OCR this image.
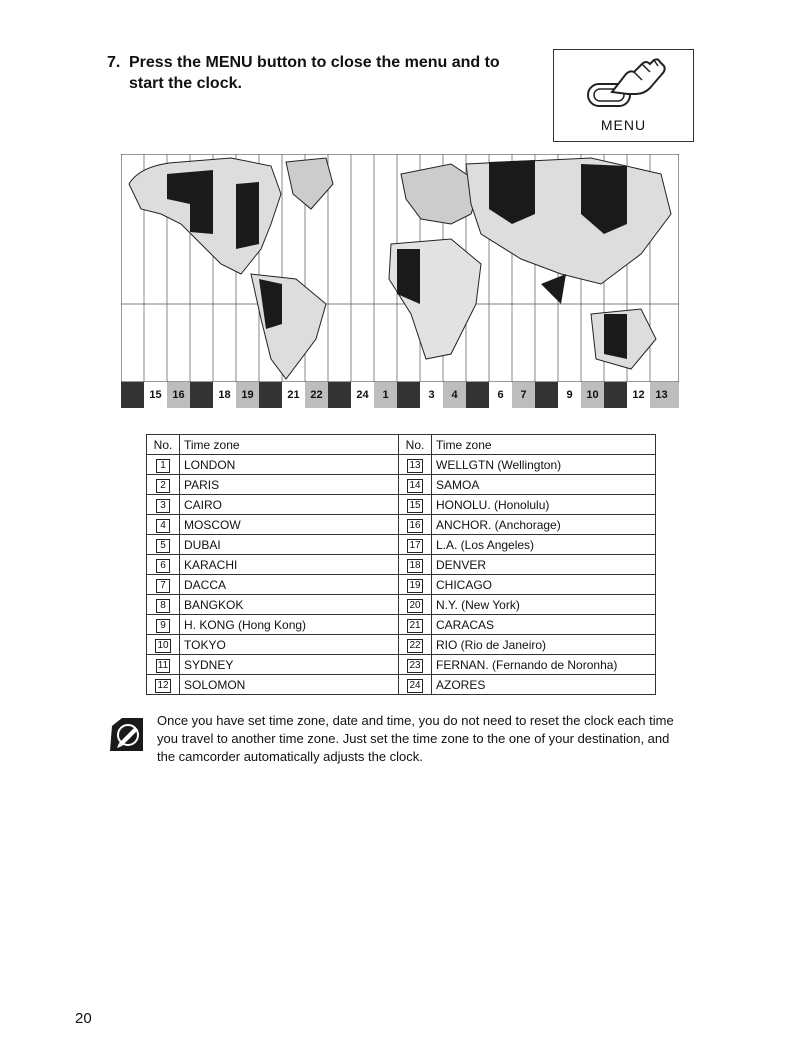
7. Press the MENU button to close the menu and to start the clock.
MENU
15 16	18 19	21 22	24	1	3	4	6	7	9	10	12 13
No.	Time zone	No.	Time zone
1	LONDON	13	WELLGTN (Wellington)
2	PARIS	14	SAMOA
3	CAIRO	15	HONOLU. (Honolulu)
4	MOSCOW	16	ANCHOR. (Anchorage)
5	DUBAI	17	L.A. (Los Angeles)
6	KARACHI	18	DENVER
7	DACCA	19	CHICAGO
8	BANGKOK	20	N.Y. (New York)
9	H. KONG (Hong Kong)	21	CARACAS
10	TOKYO	22	RIO (Rio de Janeiro)
11	SYDNEY	23	FERNAN. (Fernando de Noronha)
12	SOLOMON	24	AZORES
Once you have set time zone, date and time, you do not need to reset the clock each time you travel to another time zone. Just set the time zone to the one of your destination, and the camcorder automatically adjusts the clock.
20
